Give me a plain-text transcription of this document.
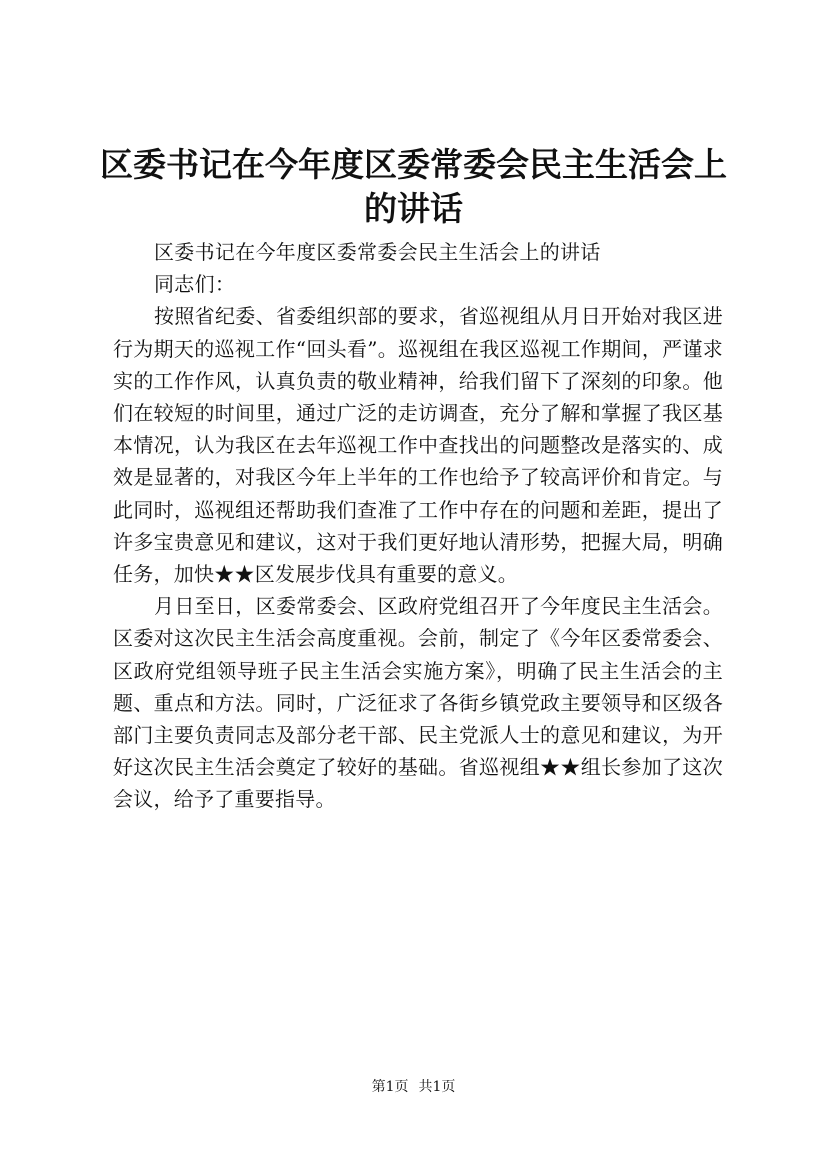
区委书记在今年度区委常委会民主生活会上的讲话

区委书记在今年度区委常委会民主生活会上的讲话

同志们：

按照省纪委、省委组织部的要求，省巡视组从月日开始对我区进行为期天的巡视工作“回头看”。巡视组在我区巡视工作期间，严谨求实的工作作风，认真负责的敬业精神，给我们留下了深刻的印象。他们在较短的时间里，通过广泛的走访调查，充分了解和掌握了我区基本情况，认为我区在去年巡视工作中查找出的问题整改是落实的、成效是显著的，对我区今年上半年的工作也给予了较高评价和肯定。与此同时，巡视组还帮助我们查准了工作中存在的问题和差距，提出了许多宝贵意见和建议，这对于我们更好地认清形势，把握大局，明确任务，加快★★区发展步伐具有重要的意义。

月日至日，区委常委会、区政府党组召开了今年度民主生活会。区委对这次民主生活会高度重视。会前，制定了《今年区委常委会、区政府党组领导班子民主生活会实施方案》，明确了民主生活会的主题、重点和方法。同时，广泛征求了各街乡镇党政主要领导和区级各部门主要负责同志及部分老干部、民主党派人士的意见和建议，为开好这次民主生活会奠定了较好的基础。省巡视组★★组长参加了这次会议，给予了重要指导。

第1页 共1页
